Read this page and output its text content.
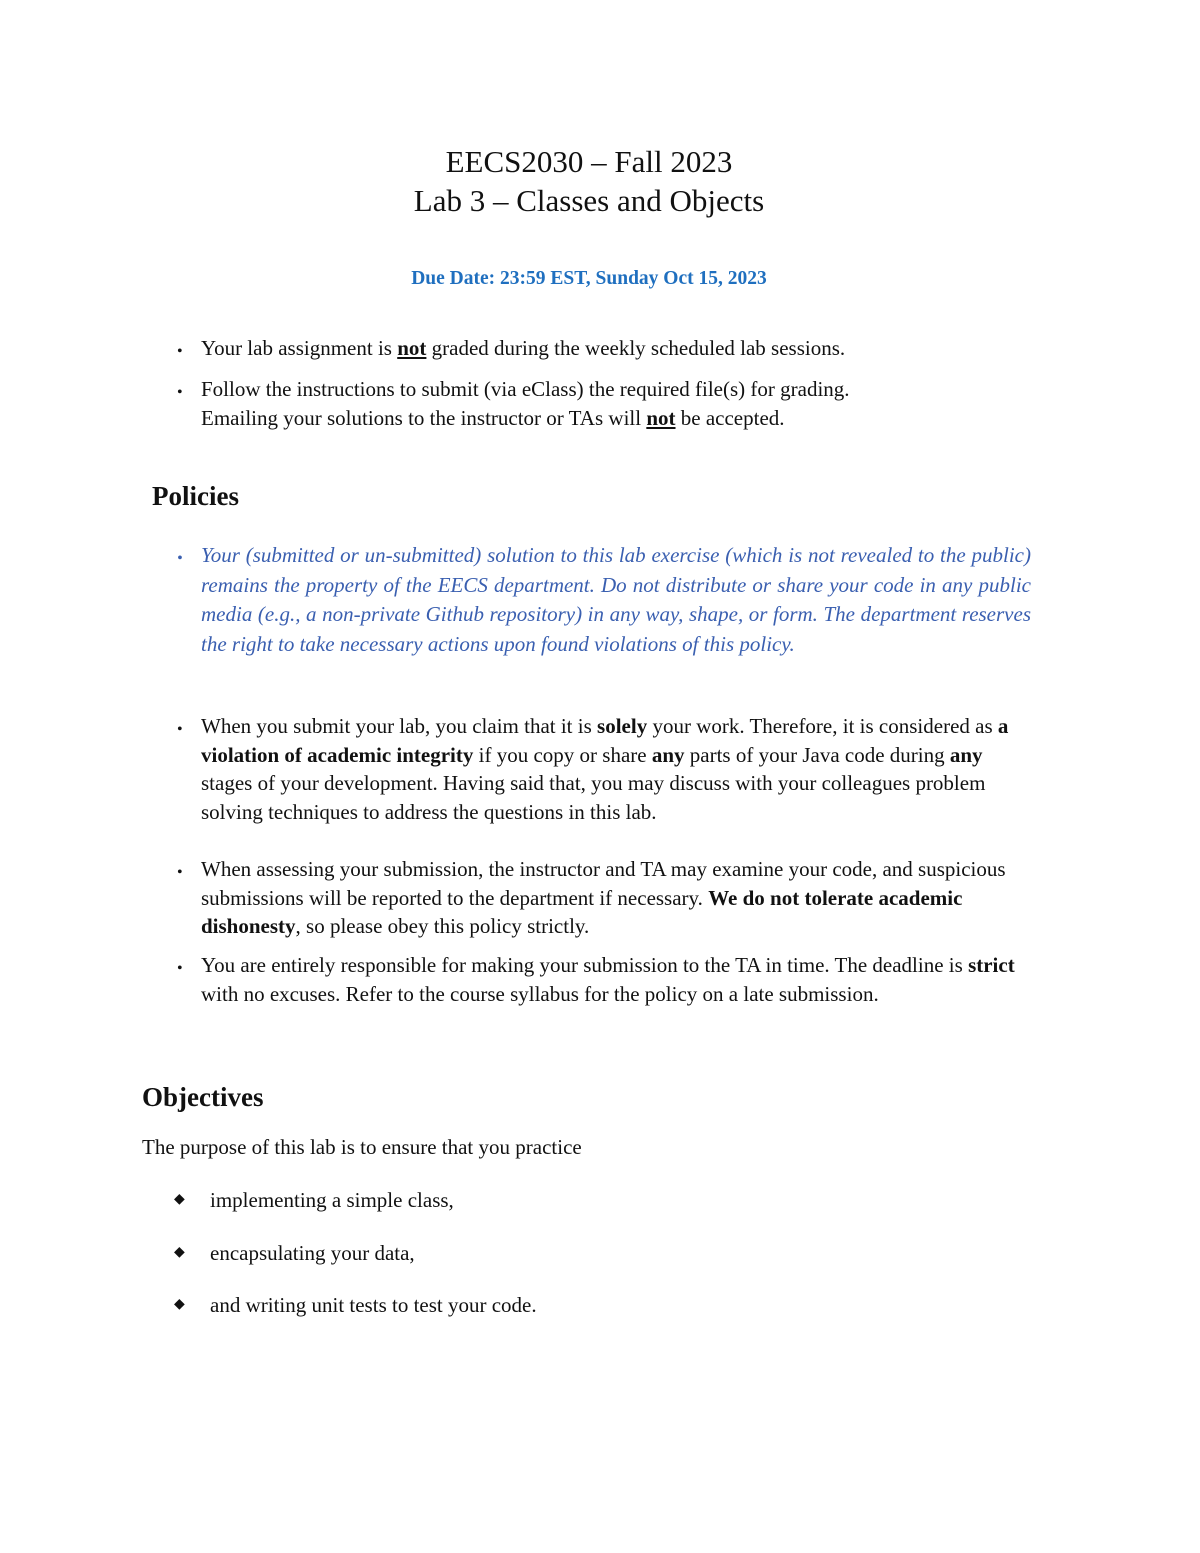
EECS2030 – Fall 2023
Lab 3 – Classes and Objects
Due Date: 23:59 EST, Sunday Oct 15, 2023
• Your lab assignment is not graded during the weekly scheduled lab sessions.
• Follow the instructions to submit (via eClass) the required file(s) for grading.
Emailing your solutions to the instructor or TAs will not be accepted.
Policies
• Your (submitted or un-submitted) solution to this lab exercise (which is not revealed to the public) remains the property of the EECS department. Do not distribute or share your code in any public media (e.g., a non-private Github repository) in any way, shape, or form. The department reserves the right to take necessary actions upon found violations of this policy.
• When you submit your lab, you claim that it is solely your work. Therefore, it is considered as a violation of academic integrity if you copy or share any parts of your Java code during any stages of your development. Having said that, you may discuss with your colleagues problem solving techniques to address the questions in this lab.
• When assessing your submission, the instructor and TA may examine your code, and suspicious submissions will be reported to the department if necessary. We do not tolerate academic dishonesty, so please obey this policy strictly.
• You are entirely responsible for making your submission to the TA in time. The deadline is strict with no excuses. Refer to the course syllabus for the policy on a late submission.
Objectives
The purpose of this lab is to ensure that you practice
◆ implementing a simple class,
◆ encapsulating your data,
◆ and writing unit tests to test your code.
